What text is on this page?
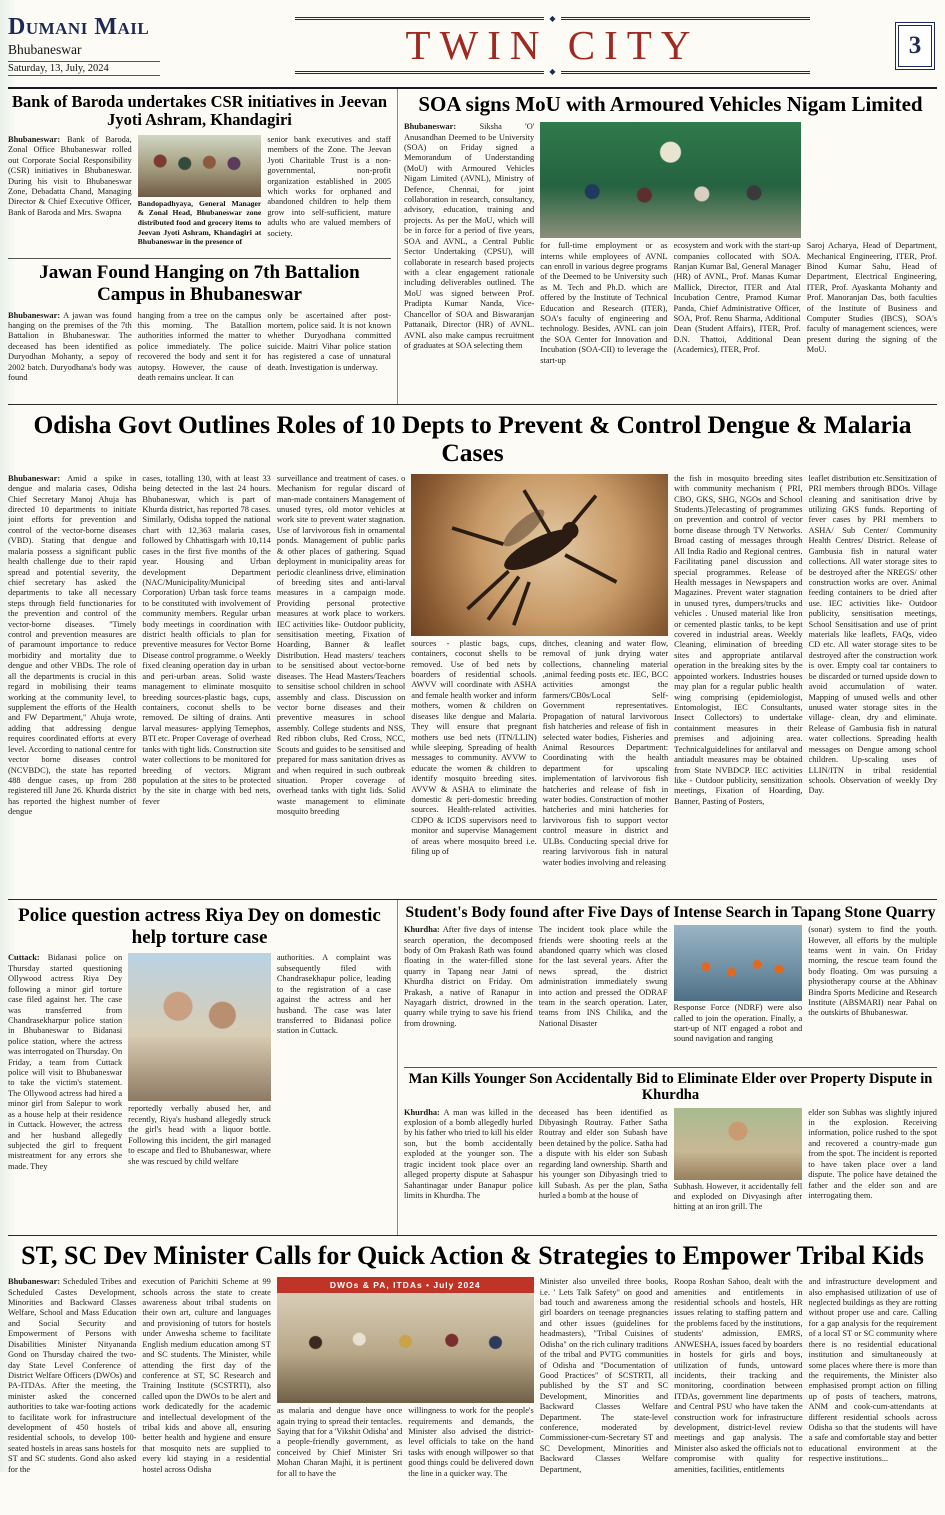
Dumani Mail
Bhubaneswar
Saturday, 13, July, 2024
◆
TWIN CITY
◆
3
Bank of Baroda undertakes CSR initiatives in Jeevan Jyoti Ashram, Khandagiri
Bhubaneswar: Bank of Baroda, Zonal Office Bhubaneswar rolled out Corporate Social Responsibility (CSR) initiatives in Bhubaneswar. During his visit to Bhubaneswar Zone, Debadatta Chand, Managing Director & Chief Executive Officer, Bank of Baroda and Mrs. Swapna
Bandopadhyaya, General Manager & Zonal Head, Bhubaneswar zone distributed food and grocery items to Jeevan Jyoti Ashram, Khandagiri at Bhubaneswar in the presence of
senior bank executives and staff members of the Zone. The Jeevan Jyoti Charitable Trust is a non-governmental, non-profit organization established in 2005 which works for orphaned and abandoned children to help them grow into self-sufficient, mature adults who are valued members of society.
Jawan Found Hanging on 7th Battalion Campus in Bhubaneswar
Bhubaneswar: A jawan was found hanging on the premises of the 7th Battalion in Bhubaneswar. The deceased has been identified as Duryodhan Mohanty, a sepoy of 2002 batch. Duryodhana's body was found
hanging from a tree on the campus this morning. The Batallion authorities informed the matter to police immediately. The police recovered the body and sent it for autopsy. However, the cause of death remains unclear. It can
only be ascertained after post-mortem, police said. It is not known whether Duryodhana committed suicide. Maitri Vihar police station has registered a case of unnatural death. Investigation is underway.
SOA signs MoU with Armoured Vehicles Nigam Limited
Bhubaneswar:	Siksha 'O' Anusandhan Deemed to be University (SOA) on Friday signed a Memorandum of Understanding (MoU) with Armoured Vehicles Nigam Limited (AVNL), Ministry of Defence, Chennai, for joint collaboration in research, consultancy, advisory, education, training and projects. As per the MoU, which will be in force for a period of five years, SOA and AVNL, a Central Public Sector Undertaking (CPSU), will collaborate in research based projects with a clear engagement rationale including deliverables outlined. The MoU was signed between Prof. Pradipta Kumar Nanda, Vice-Chancellor of SOA and Biswaranjan Pattanaik, Director (HR) of AVNL. AVNL also make campus recruitment of graduates at SOA selecting them
for full-time employment or as interns while employees of AVNL can enroll in various degree programs of the Deemed to be University such as M. Tech and Ph.D. which are offered by the Institute of Technical Education and Research (ITER), SOA's faculty of engineering and technology. Besides, AVNL can join the SOA Center for Innovation and Incubation (SOA-CII) to leverage the start-up
ecosystem and work with the start-up companies collocated with SOA. Ranjan Kumar Bal, General Manager (HR) of AVNL, Prof. Manas Kumar Mallick, Director, ITER and Atal Incubation Centre, Pramod Kumar Panda, Chief Administrative Officer, SOA, Prof. Renu Sharma, Additional Dean (Student Affairs), ITER, Prof. D.N. Thattoi, Additional Dean (Academics), ITER, Prof.
Saroj Acharya, Head of Department, Mechanical Engineering, ITER, Prof. Binod Kumar Sahu, Head of Department, Electrical Engineering, ITER, Prof. Ayaskanta Mohanty and Prof. Manoranjan Das, both faculties of the Institute of Business and Computer Studies (IBCS), SOA's faculty of management sciences, were present during the signing of the MoU.
Odisha Govt Outlines Roles of 10 Depts to Prevent & Control Dengue & Malaria Cases
Bhubaneswar: Amid a spike in dengue and malaria cases, Odisha Chief Secretary Manoj Ahuja has directed 10 departments to initiate joint efforts for prevention and control of the vector-borne diseases (VBD). Stating that dengue and malaria possess a significant public health challenge due to their rapid spread and potential severity, the chief secretary has asked the departments to take all necessary steps through field functionaries for the prevention and control of the vector-borne diseases. "Timely control and prevention measures are of paramount importance to reduce morbidity and mortality due to dengue and other VBDs. The role of all the departments is crucial in this regard in mobilising their teams working at the community level, to supplement the efforts of the Health and FW Department," Ahuja wrote, adding that addressing dengue requires coordinated efforts at every level. According to national centre for vector borne diseases control (NCVBDC), the state has reported 488 dengue cases, up from 288 registered till June 26. Khurda district has reported the highest number of dengue
cases, totalling 130, with at least 33 being detected in the last 24 hours. Bhubaneswar, which is part of Khurda district, has reported 78 cases. Similarly, Odisha topped the national chart with 12,363 malaria cases, followed by Chhattisgarh with 10,114 cases in the first five months of the year. Housing and Urban development Department (NAC/Municipality/Municipal Corporation) Urban task force teams to be constituted with involvement of community members. Regular urban body meetings in coordination with district health officials to plan for preventive measures for Vector Borne Disease control programme. o Weekly fixed cleaning operation day in urban and peri-urban areas. Solid waste management to eliminate mosquito breeding sources-plastic bags, cups, containers, coconut shells to be removed. De silting of drains. Anti larval measures- applying Temephos, BTI etc. Proper Coverage of overhead tanks with tight lids. Construction site water collections to be monitored for breeding of vectors. Migrant population at the sites to be protected by the site in charge with bed nets, fever
surveillance and treatment of cases. o Mechanism for regular discard of man-made containers Management of unused tyres, old motor vehicles at work site to prevent water stagnation. Use of larvivorous fish in ornamental ponds. Management of public parks & other places of gathering. Squad deployment in municipality areas for periodic cleanliness drive, elimination of breeding sites and anti-larval measures in a campaign mode. Providing personal protective measures at work place to workers. IEC activities like- Outdoor publicity, sensitisation meeting, Fixation of Hoarding, Banner & leaflet Distribution. Head masters/ teachers to be sensitised about vector-borne diseases. The Head Masters/Teachers to sensitise school children in school assembly and class. Discussion on vector borne diseases and their preventive measures in school assembly. College students and NSS, Red ribbon clubs, Red Cross, NCC, Scouts and guides to be sensitised and prepared for mass sanitation drives as and when required in such outbreak situation. Proper coverage of overhead tanks with tight lids. Solid waste management to eliminate mosquito breeding
sources - plastic bags, cups, containers, coconut shells to be removed. Use of bed nets by boarders of residential schools. AWVV will coordinate with ASHA and female health worker and inform mothers, women & children on diseases like dengue and Malaria. They will ensure that pregnant mothers use bed nets (ITN/LLIN) while sleeping. Spreading of health messages to community. AVVW to educate the women & children to identify mosquito breeding sites. AVVW & ASHA to eliminate the domestic & peri-domestic breeding sources. Health-related activities. CDPO & ICDS supervisors need to monitor and supervise Management of areas where mosquito breed i.e. filing up of
ditches, cleaning and water flow, removal of junk drying water collections, channeling material ,animal feeding posts etc. IEC, BCC activities amongst the farmers/CB0s/Local Self-Government representatives. Propagation of natural larvivorous fish hatcheries and release of fish in selected water bodies, Fisheries and Animal Resources Department: Coordinating with the health department for upscaling implementation of larvivorous fish hatcheries and release of fish in water bodies. Construction of mother hatcheries and mini hatcheries for larvivorous fish to support vector control measure in district and ULBs. Conducting special drive for rearing larvivorous fish in natural water bodies involving and releasing
the fish in mosquito breeding sites with community mechanism ( PRI, CBO, GKS, SHG, NGOs and School Students.)Telecasting of programmes on prevention and control of vector borne disease through TV Networks. Broad casting of messages through All India Radio and Regional centres. Facilitating panel discussion and special programmes. Release of Health messages in Newspapers and Magazines. Prevent water stagnation in unused tyres, dumpers/trucks and vehicles . Unused material like Iron or cemented plastic tanks, to be kept covered in industrial areas. Weekly Cleaning, elimination of breeding sites and appropriate antilarval operation in the breaking sites by the appointed workers. Industries houses may plan for a regular public health wing comprising (epidemiologist, Entomologist, IEC Consultants, Insect Collectors) to undertake containment measures in their premises and adjoining area. Technicalguidelines for antilarval and antiadult measures may be obtained from State NVBDCP. IEC activities like - Outdoor publicity, sensitization meetings, Fixation of Hoarding, Banner, Pasting of Posters,
leaflet distribution etc.Sensitization of PRI members through BDOs. Village cleaning and sanitisation drive by utilizing GKS funds. Reporting of fever cases by PRI members to ASHA/ Sub Center/ Community Health Centres/ District. Release of Gambusia fish in natural water collections. All water storage sites to be destroyed after the NREGS/ other construction works are over. Animal feeding containers to be dried after use. IEC activities like- Outdoor publicity, sensitisation meetings, School Sensitisation and use of print materials like leaflets, FAQs, video CD etc. All water storage sites to be destroyed after the construction work is over. Empty coal tar containers to be discarded or turned upside down to avoid accumulation of water. Mapping of unused wells and other unused water storage sites in the village- clean, dry and eliminate. Release of Gambusia fish in natural water collections. Spreading health messages on Dengue among school children. Up-scaling uses of LLIN/ITN in tribal residential schools. Observation of weekly Dry Day.
Police question actress Riya Dey on domestic help torture case
Cuttack: Bidanasi police on Thursday started questioning Ollywood actress Riya Dey following a minor girl torture case filed against her. The case was transferred from Chandrasekharpur police station in Bhubaneswar to Bidanasi police station, where the actress was interrogated on Thursday. On Friday, a team from Cuttack police will visit to Bhubaneswar to take the victim's statement. The Ollywood actress had hired a minor girl from Salepur to work as a house help at their residence in Cuttack. However, the actress and her husband allegedly subjected the girl to frequent mistreatment for any errors she made. They
reportedly verbally abused her, and recently, Riya's husband allegedly struck the girl's head with a liquor bottle. Following this incident, the girl managed to escape and fled to Bhubaneswar, where she was rescued by child welfare
authorities. A complaint was subsequently filed with Chandrasekhapur police, leading to the registration of a case against the actress and her husband. The case was later transferred to Bidanasi police station in Cuttack.
Student's Body found after Five Days of Intense Search in Tapang Stone Quarry
Khurdha: After five days of intense search operation, the decomposed body of Om Prakash Rath was found floating in the water-filled stone quarry in Tapang near Jatni of Khurdha district on Friday. Om Prakash, a native of Ranapur in Nayagarh district, drowned in the quarry while trying to save his friend from drowning.
The incident took place while the friends were shooting reels at the abandoned quarry which was closed for the last several years. After the news spread, the district administration immediately swung into action and pressed the ODRAF team in the search operation. Later, teams from INS Chilika, and the National Disaster
Response Force (NDRF) were also called to join the operation. Finally, a start-up of NIT engaged a robot and sound navigation and ranging
(sonar) system to find the youth. However, all efforts by the multiple teams went in vain. On Friday morning, the rescue team found the body floating. Om was pursuing a physiotherapy course at the Abhinav Bindra Sports Medicine and Research Institute (ABSMARI) near Pahal on the outskirts of Bhubaneswar.
Man Kills Younger Son Accidentally Bid to Eliminate Elder over Property Dispute in Khurdha
Khurdha: A man was killed in the explosion of a bomb allegedly hurled by his father who tried to kill his elder son, but the bomb accidentally exploded at the younger son. The tragic incident took place over an alleged property dispute at Sahaspur Sahantinagar under Banapur police limits in Khurdha. The
deceased has been identified as Dibyasingh Routray. Father Satha Routray and elder son Subash have been detained by the police. Satha had a dispute with his elder son Subash regarding land ownership. Sharth and his younger son Dibyasingh tried to kill Subash. As per the plan, Satha hurled a bomb at the house of
Subhash. However, it accidentally fell and exploded on Divyasingh after hitting at an iron grill. The
elder son Subhas was slightly injured in the explosion. Receiving information, police rushed to the spot and recovered a country-made gun from the spot. The incident is reported to have taken place over a land dispute. The police have detained the father and the elder son and are interrogating them.
ST, SC Dev Minister Calls for Quick Action & Strategies to Empower Tribal Kids
Bhubaneswar: Scheduled Tribes and Scheduled Castes Development, Minorities and Backward Classes Welfare, School and Mass Education and Social Security and Empowerment of Persons with Disabilities Minister Nityananda Gond on Thursday chaired the two-day State Level Conference of District Welfare Officers (DWOs) and PA-ITDAs. After the meeting, the minister asked the concerned authorities to take war-footing actions to facilitate work for infrastructure development of 450 hostels of residential schools, to develop 100-seated hostels in areas sans hostels for ST and SC students. Gond also asked for the
execution of Parichiti Scheme at 99 schools across the state to create awareness about tribal students on their own art, culture and languages and provisioning of tutors for hostels under Anwesha scheme to facilitate English medium education among ST and SC students. The Minister, while attending the first day of the conference at ST, SC Research and Training Institute (SCSTRTI), also called upon the DWOs to be alert and work dedicatedly for the academic and intellectual development of the tribal kids and above all, ensuring better health and hygiene and ensure that mosquito nets are supplied to every kid staying in a residential hostel across Odisha
DWOs & PA, ITDAs • July 2024
as malaria and dengue have once again trying to spread their tentacles. Saying that for a 'Vikshit Odisha' and a people-friendly government, as conceived by Chief Minister Sri Mohan Charan Majhi, it is pertinent for all to have the
willingness to work for the people's requirements and demands, the Minister also advised the district-level officials to take on the hand tasks with enough willpower so that good things could be delivered down the line in a quicker way. The
Minister also unveiled three books, i.e. ' Lets Talk Safety" on good and bad touch and awareness among the girl boarders on teenage pregnancies and other issues (guidelines for headmasters), "Tribal Cuisines of Odisha" on the rich culinary traditions of the tribal and PVTG communities of Odisha and "Documentation of Good Practices" of SCSTRTI, all published by the ST and SC Development, Minorities and Backward Classes Welfare Department. The state-level conference, moderated by Commissioner-cum-Secretary ST and SC Development, Minorities and Backward Classes Welfare Department,
Roopa Roshan Sahoo, dealt with the amenities and entitlements in residential schools and hostels, HR issues relating to staffing pattern and the problems faced by the institutions, students' admission, EMRS, ANWESHA, issues faced by boarders in hostels for girls and boys, utilization of funds, untoward incidents, their tracking and monitoring, coordination between ITDAs, government line departments and Central PSU who have taken the construction work for infrastructure development, district-level review meetings and gap analysis. The Minister also asked the officials not to compromise with quality for amenities, facilities, entitlements
and infrastructure development and also emphasised utilization of use of neglected buildings as they are rotting without proper use and care. Calling for a gap analysis for the requirement of a local ST or SC community where there is no residential educational institution and simultaneously at some places where there is more than the requirements, the Minister also emphasised prompt action on filling up of posts of teachers, matrons, ANM and cook-cum-attendants at different residential schools across Odisha so that the students will have a safe and comfortable stay and better educational environment at the respective institutions...
